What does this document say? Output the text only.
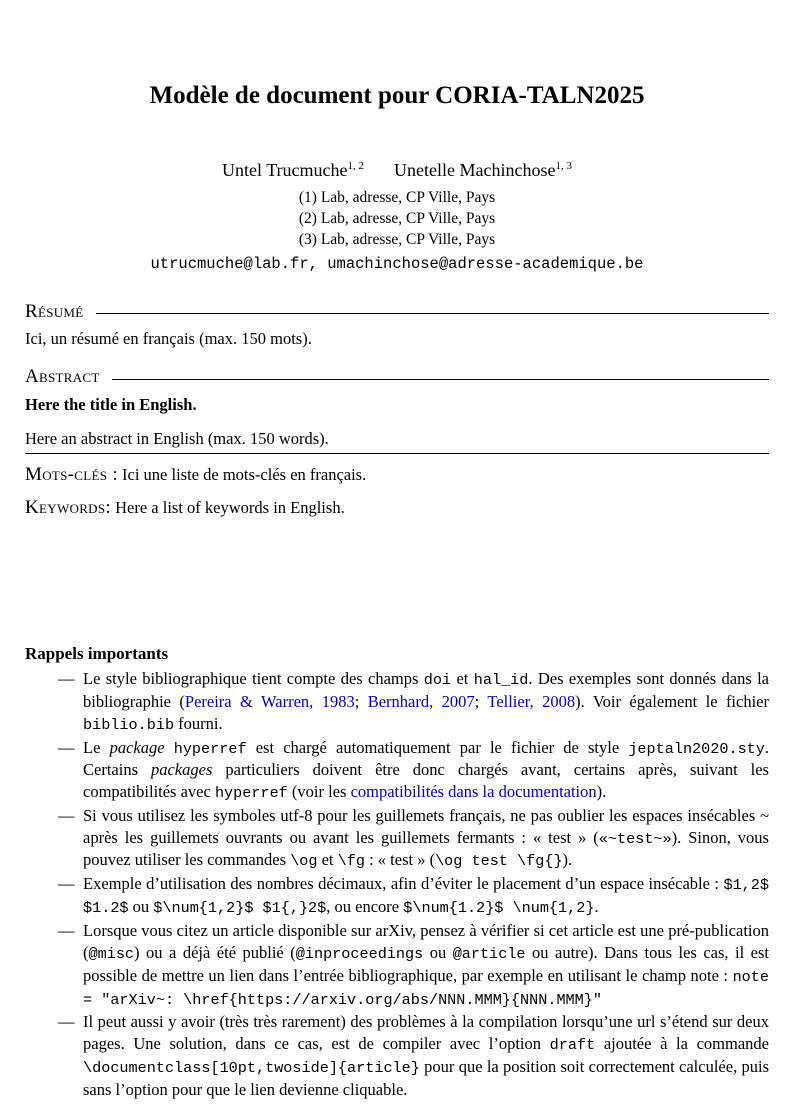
Modèle de document pour CORIA-TALN2025
Untel Trucmuche$^{1, 2}$ Unetelle Machinchose$^{1, 3}$
(1) Lab, adresse, CP Ville, Pays
(2) Lab, adresse, CP Ville, Pays
(3) Lab, adresse, CP Ville, Pays
utrucmuche@lab.fr, umachinchose@adresse-academique.be
Résumé

Ici, un résumé en français (max. 150 mots).

Abstract

Here the title in English.

Here an abstract in English (max. 150 words).

Mots-clés : Ici une liste de mots-clés en français.

Keywords: Here a list of keywords in English.

Rappels importants
— Le style bibliographique tient compte des champs doi et hal_id. Des exemples sont donnés dans la bibliographie (Pereira & Warren, 1983; Bernhard, 2007; Tellier, 2008). Voir également le fichier biblio.bib fourni.
— Le package hyperref est chargé automatiquement par le fichier de style jeptaln2020.sty. Certains packages particuliers doivent être donc chargés avant, certains après, suivant les compatibilités avec hyperref (voir les compatibilités dans la documentation).
— Si vous utilisez les symboles utf-8 pour les guillemets français, ne pas oublier les espaces insécables ~ après les guillemets ouvrants ou avant les guillemets fermants : « test » («~test~»). Sinon, vous pouvez utiliser les commandes \og et \fg : « test » (\og test \fg{}).
— Exemple d’utilisation des nombres décimaux, afin d’éviter le placement d’un espace insécable : $1,2$ $1.2$ ou $\num{1,2}$ $1{,}2$, ou encore $\num{1.2}$ \num{1,2}.
— Lorsque vous citez un article disponible sur arXiv, pensez à vérifier si cet article est une pré-publication (@misc) ou a déjà été publié (@inproceedings ou @article ou autre). Dans tous les cas, il est possible de mettre un lien dans l’entrée bibliographique, par exemple en utilisant le champ note : note = "arXiv~: \href{https://arxiv.org/abs/NNN.MMM}{NNN.MMM}"
— Il peut aussi y avoir (très très rarement) des problèmes à la compilation lorsqu’une url s’étend sur deux pages. Une solution, dans ce cas, est de compiler avec l’option draft ajoutée à la commande \documentclass[10pt,twoside]{article} pour que la position soit correctement calculée, puis sans l’option pour que le lien devienne cliquable.
